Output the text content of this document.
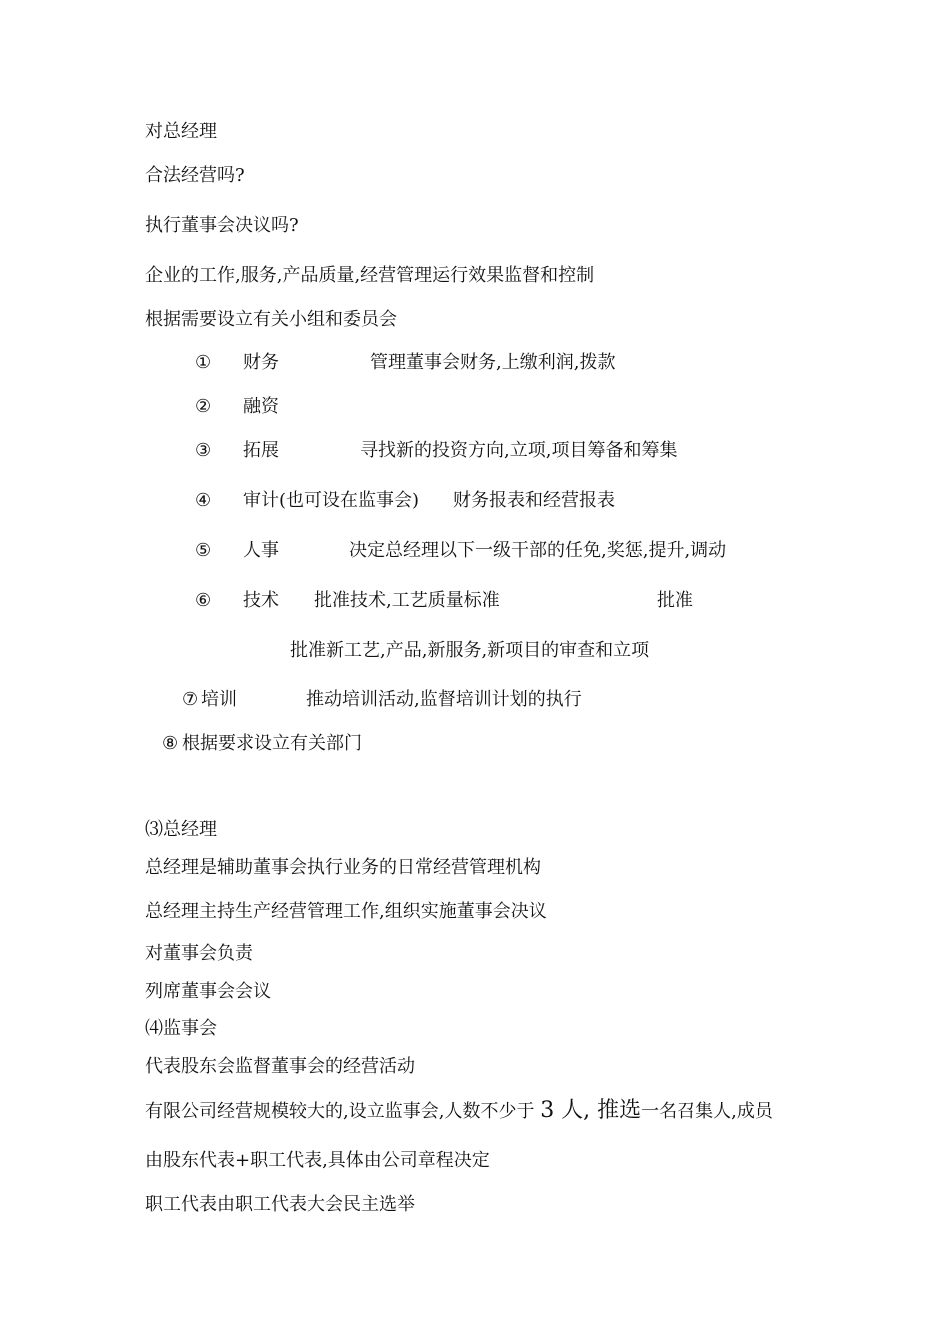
对总经理
合法经营吗?
执行董事会决议吗?
企业的工作,服务,产品质量,经营管理运行效果监督和控制
根据需要设立有关小组和委员会
① 财务	管理董事会财务,上缴利润,拨款
② 融资
③ 拓展	寻找新的投资方向,立项,项目筹备和筹集
④ 审计(也可设在监事会) 财务报表和经营报表
⑤ 人事	决定总经理以下一级干部的任免,奖惩,提升,调动
⑥ 技术 批准技术,工艺质量标准	批准
批准新工艺,产品,新服务,新项目的审查和立项
⑦ 培训	推动培训活动,监督培训计划的执行
⑧ 根据要求设立有关部门
⑶总经理
总经理是辅助董事会执行业务的日常经营管理机构
总经理主持生产经营管理工作,组织实施董事会决议
对董事会负责
列席董事会会议
⑷监事会
代表股东会监督董事会的经营活动
有限公司经营规模较大的,设立监事会,人数不少于 3 人, 推选一名召集人,成员
由股东代表+职工代表,具体由公司章程决定
职工代表由职工代表大会民主选举
